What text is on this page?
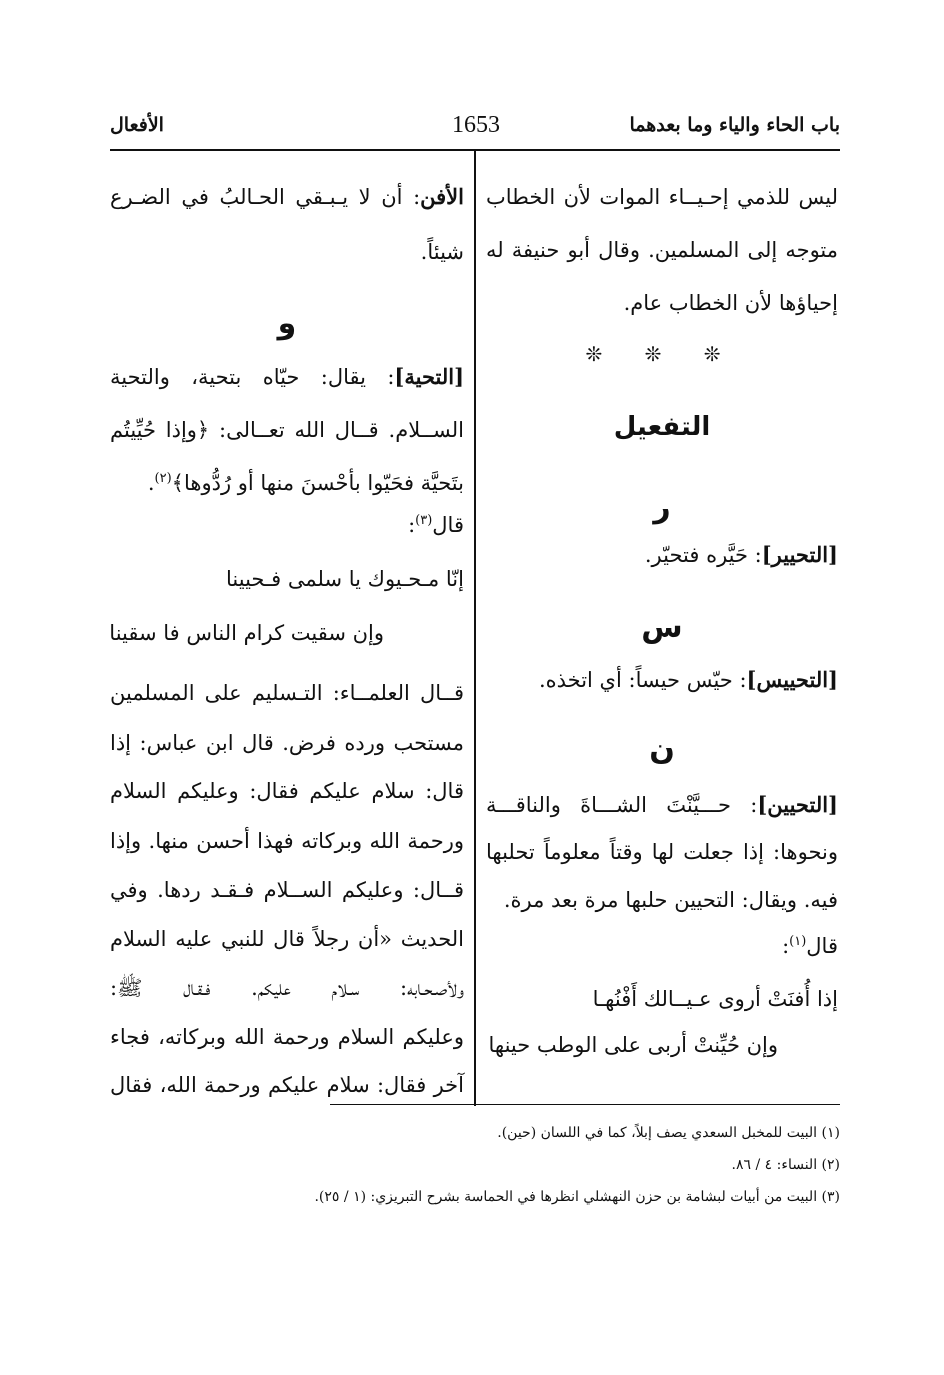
باب الحاء والياء وما بعدهما
1653
الأفعال
ليس للذمي إحـيــاء الموات لأن الخطاب
متوجه إلى المسلمين. وقال أبو حنيفة له
إحياؤها لأن الخطاب عام.
❊ ❊ ❊
التفعيل
ر
[التحيير]: حَيَّره فتحيّر.
س
[التحييس]: حيّس حيساً: أي اتخذه.
ن
[التحيين]: حـــيَّنْتَ الشـــاةَ والناقـــة
ونحوها: إذا جعلت لها وقتاً معلوماً تحلبها
فيه. ويقال: التحيين حلبها مرة بعد مرة.
قال$^{(١)}$:
إذا أُفنَتْ أروى عـيــالك أَفْنُهـا
وإن حُيِّنتْ أربى على الوطب حينها
الأفن: أن لا يـبـقي الحـالبُ في الضـرع
شيئاً.
و
[التحية]: يقال: حيّاه بتحية، والتحية
الســلام. قــال الله تعــالى: ﴿وإذا حُيِّيتُم
بتَحيَّة فحَيّوا بأحْسنَ منها أو رُدُّوها﴾$^{(٢)}$.
قال$^{(٣)}$:
إنّا مـحـيوك يا سلمى فـحيينا
وإن سقيت كرام الناس فا سقينا
قــال العلمــاء: التـسليم على المسلمين
مستحب ورده فرض. قال ابن عباس: إذا
قال: سلام عليكم فقال: وعليكم السلام
ورحمة الله وبركاته فهذا أحسن منها. وإذا
قــال: وعليكم الســلام فـقـد ردها. وفي
الحديث «أن رجلاً قال للنبي عليه السلام
ولأصـحـابه: سـلام عليكم. فـقـال ﷺ:
وعليكم السلام ورحمة الله وبركاته، فجاء
آخر فقال: سلام عليكم ورحمة الله، فقال
(١) البيت للمخبل السعدي يصف إبلاً، كما في اللسان (حين).
(٢) النساء: ٤ / ٨٦.
(٣) البيت من أبيات لبشامة بن حزن النهشلي انظرها في الحماسة بشرح التبريزي: (١ / ٢٥).
